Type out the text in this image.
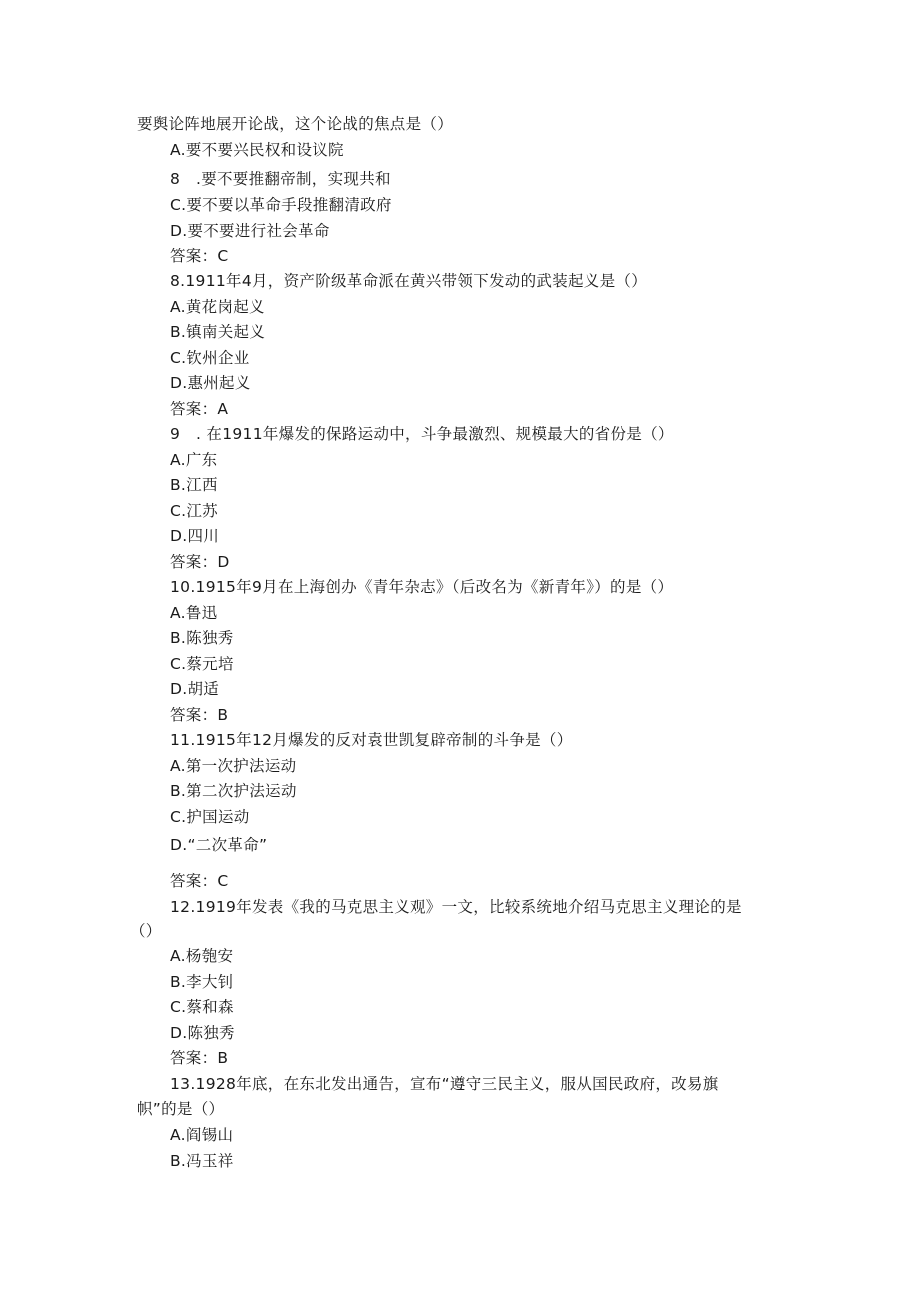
要舆论阵地展开论战，这个论战的焦点是（）
A.要不要兴民权和设议院
8　.要不要推翻帝制，实现共和
C.要不要以革命手段推翻清政府
D.要不要进行社会革命
答案：C
8.1911年4月，资产阶级革命派在黄兴带领下发动的武装起义是（）
A.黄花岗起义
B.镇南关起义
C.钦州企业
D.惠州起义
答案：A
9　. 在1911年爆发的保路运动中，斗争最激烈、规模最大的省份是（）
A.广东
B.江西
C.江苏
D.四川
答案：D
10.1915年9月在上海创办《青年杂志》（后改名为《新青年》）的是（）
A.鲁迅
B.陈独秀
C.蔡元培
D.胡适
答案：B
11.1915年12月爆发的反对袁世凯复辟帝制的斗争是（）
A.第一次护法运动
B.第二次护法运动
C.护国运动
D.“二次革命”
答案：C
12.1919年发表《我的马克思主义观》一文，比较系统地介绍马克思主义理论的是
（）
A.杨匏安
B.李大钊
C.蔡和森
D.陈独秀
答案：B
13.1928年底，在东北发出通告，宣布“遵守三民主义，服从国民政府，改易旗
帜”的是（）
A.阎锡山
B.冯玉祥
